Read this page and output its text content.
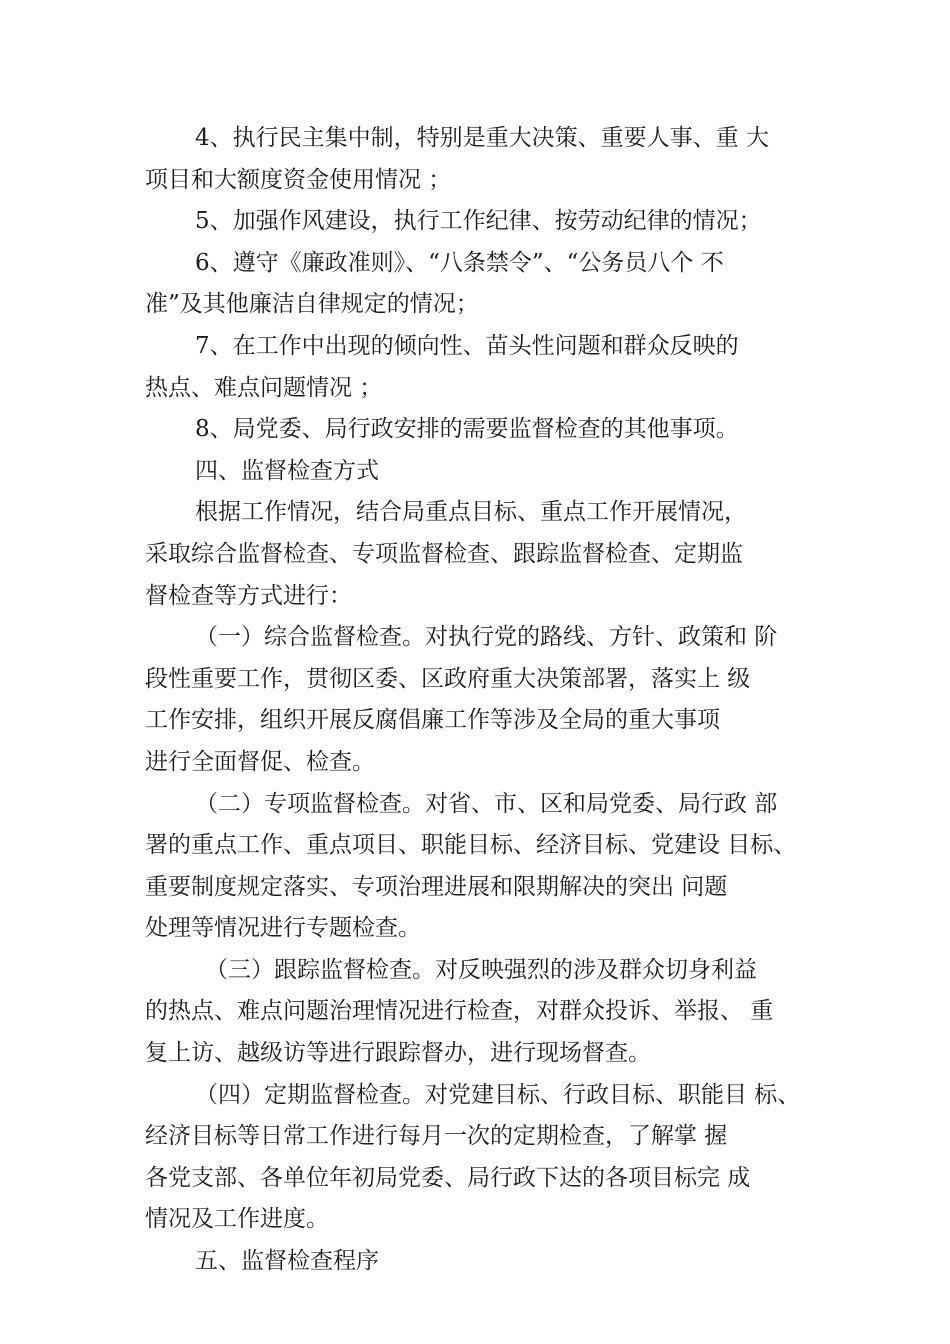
4、执行民主集中制，特别是重大决策、重要人事、重 大
项目和大额度资金使用情况 ；
5、加强作风建设，执行工作纪律、按劳动纪律的情况；
6、遵守《廉政准则》、“八条禁令”、“公务员八个 不
准”及其他廉洁自律规定的情况；
7、在工作中出现的倾向性、苗头性问题和群众反映的
热点、难点问题情况 ；
8、局党委、局行政安排的需要监督检查的其他事项。
四、监督检查方式
根据工作情况，结合局重点目标、重点工作开展情况，
采取综合监督检查、专项监督检查、跟踪监督检查、定期监
督检查等方式进行：
（一）综合监督检查。对执行党的路线、方针、政策和 阶
段性重要工作，贯彻区委、区政府重大决策部署，落实上 级
工作安排，组织开展反腐倡廉工作等涉及全局的重大事项
进行全面督促、检查。
（二）专项监督检查。对省、市、区和局党委、局行政 部
署的重点工作、重点项目、职能目标、经济目标、党建设 目标、
重要制度规定落实、专项治理进展和限期解决的突出 问题
处理等情况进行专题检查。
（三）跟踪监督检查。对反映强烈的涉及群众切身利益
的热点、难点问题治理情况进行检查，对群众投诉、举报、 重
复上访、越级访等进行跟踪督办，进行现场督查。
（四）定期监督检查。对党建目标、行政目标、职能目 标、
经济目标等日常工作进行每月一次的定期检查，了解掌 握
各党支部、各单位年初局党委、局行政下达的各项目标完 成
情况及工作进度。
五、监督检查程序
